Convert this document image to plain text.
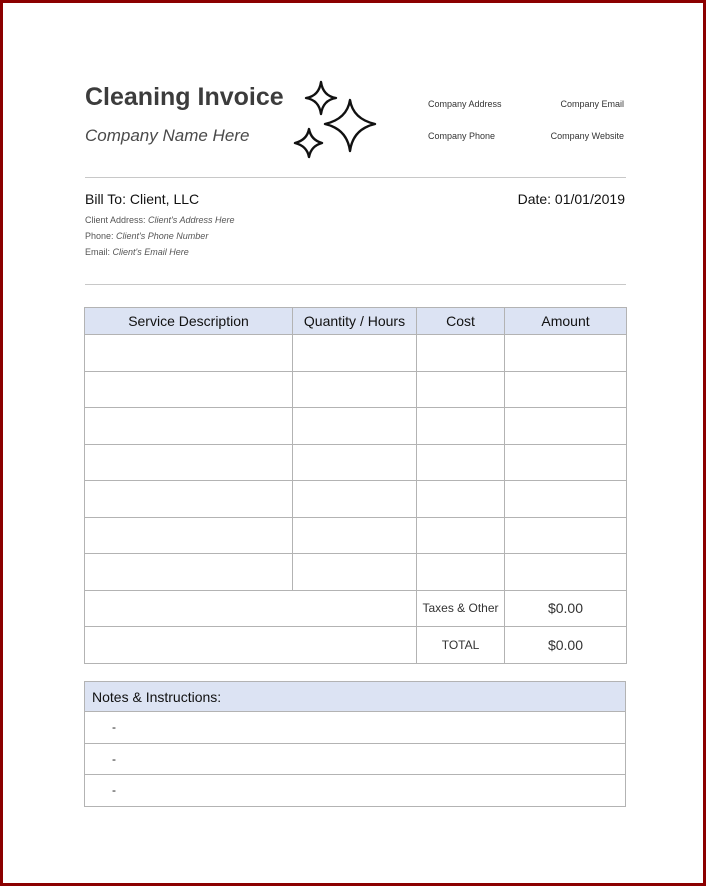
Cleaning Invoice
Company Name Here
Company Address	Company Email
Company Phone	Company Website
Bill To: Client, LLC	Date: 01/01/2019
Client Address: Client's Address Here
Phone: Client's Phone Number
Email: Client's Email Here
Service Description	Quantity / Hours	Cost	Amount

		Taxes & Other	$0.00
		TOTAL	$0.00
Notes & Instructions:
-
-
-
